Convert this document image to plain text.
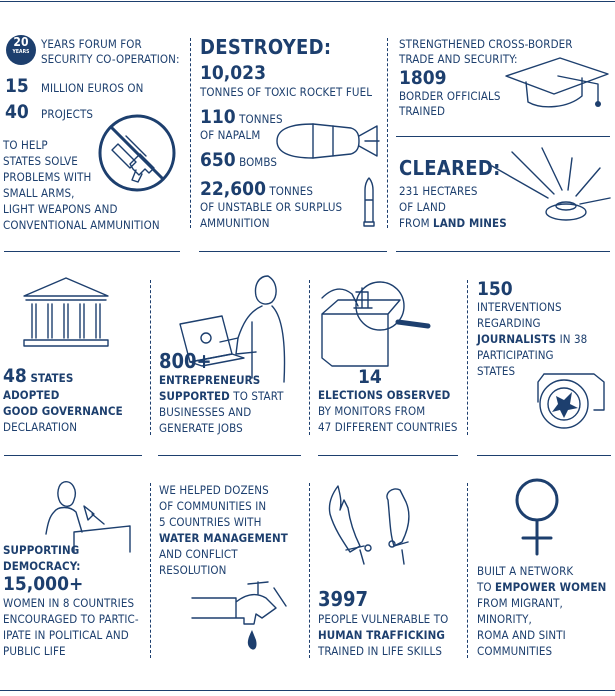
20
YEARS

YEARS FORUM FOR

SECURITY CO-OPERATION:

15 MILLION EUROS ON

40 PROJECTS

TO HELP

STATES SOLVE

PROBLEMS WITH

SMALL ARMS,

LIGHT WEAPONS AND

CONVENTIONAL AMMUNITION

DESTROYED:

10,023

TONNES OF TOXIC ROCKET FUEL

110 TONNES

OF NAPALM

650 BOMBS

22,600 TONNES

OF UNSTABLE OR SURPLUS

AMMUNITION

STRENGTHENED CROSS-BORDER

TRADE AND SECURITY:

1809

BORDER OFFICIALS

TRAINED

CLEARED:

231 HECTARES

OF LAND

FROM LAND MINES

48 STATES

ADOPTED

GOOD GOVERNANCE

DECLARATION

800+

ENTREPRENEURS

SUPPORTED TO START

BUSINESSES AND

GENERATE JOBS

14

ELECTIONS OBSERVED

BY MONITORS FROM

47 DIFFERENT COUNTRIES

150

INTERVENTIONS

REGARDING

JOURNALISTS IN 38

PARTICIPATING

STATES

SUPPORTING

DEMOCRACY:

15,000+

WOMEN IN 8 COUNTRIES

ENCOURAGED TO PARTIC-

IPATE IN POLITICAL AND

PUBLIC LIFE

WE HELPED DOZENS

OF COMMUNITIES IN

5 COUNTRIES WITH

WATER MANAGEMENT

AND CONFLICT

RESOLUTION

3997

PEOPLE VULNERABLE TO

HUMAN TRAFFICKING

TRAINED IN LIFE SKILLS

BUILT A NETWORK

TO EMPOWER WOMEN

FROM MIGRANT,

MINORITY,

ROMA AND SINTI

COMMUNITIES
